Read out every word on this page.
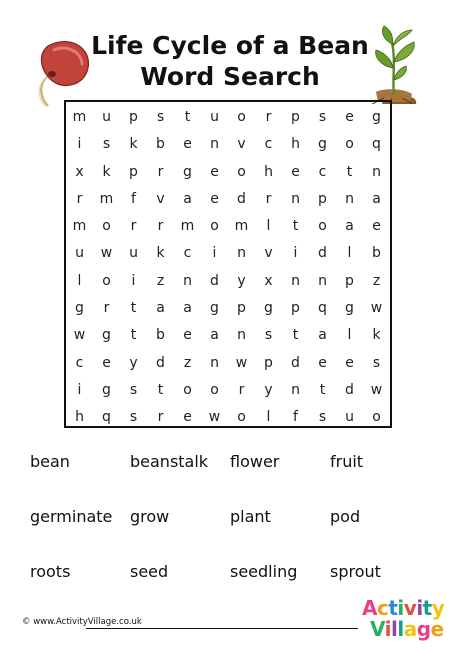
Life Cycle of a Bean
Word Search
m	u	p	s	t	u	o	r	p	s	e	g
i	s	k	b	e	n	v	c	h	g	o	q
x	k	p	r	g	e	o	h	e	c	t	n
r	m	f	v	a	e	d	r	n	p	n	a
m	o	r	r	m	o	m	l	t	o	a	e
u	w	u	k	c	i	n	v	i	d	l	b
l	o	i	z	n	d	y	x	n	n	p	z
g	r	t	a	a	g	p	g	p	q	g	w
w	g	t	b	e	a	n	s	t	a	l	k
c	e	y	d	z	n	w	p	d	e	e	s
i	g	s	t	o	o	r	y	n	t	d	w
h	q	s	r	e	w	o	l	f	s	u	o
bean	beanstalk	flower	fruit
germinate	grow	plant	pod
roots	seed	seedling	sprout
© www.ActivityVillage.co.uk
Activity
Village
